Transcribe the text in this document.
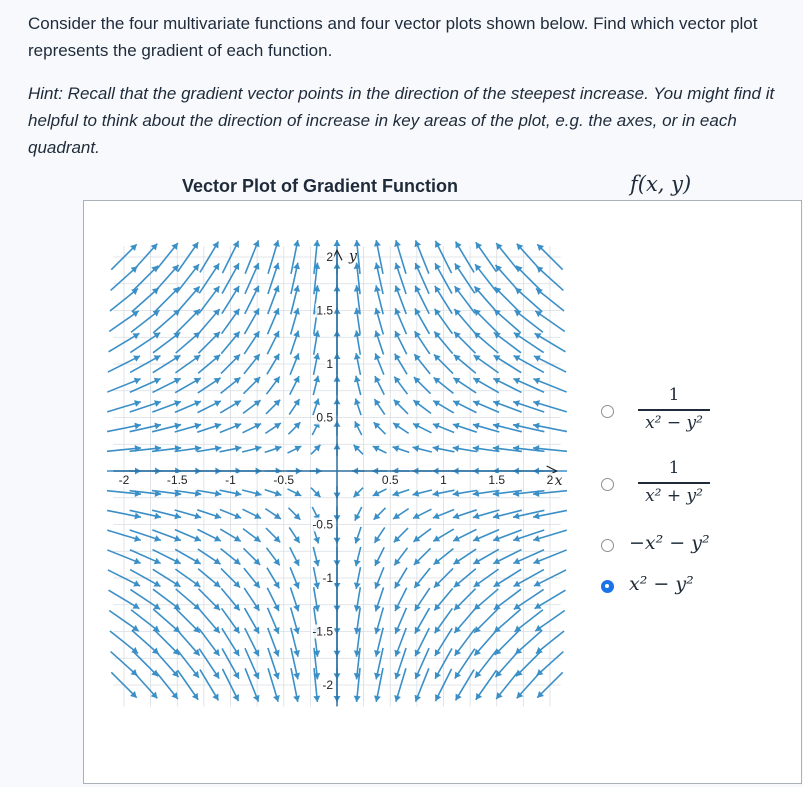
Consider the four multivariate functions and four vector plots shown below. Find which vector plot represents the gradient of each function.
Hint: Recall that the gradient vector points in the direction of the steepest increase. You might find it helpful to think about the direction of increase in key areas of the plot, e.g. the axes, or in each quadrant.
Vector Plot of Gradient Function	f(x, y)
-2	-1.5	-1	-0.5	0.5	1	1.5	2
2
1.5
1
0.5
-0.5
-1
-1.5
-2
x
y
1
x² − y²
1
x² + y²
−x² − y²
x² − y²
